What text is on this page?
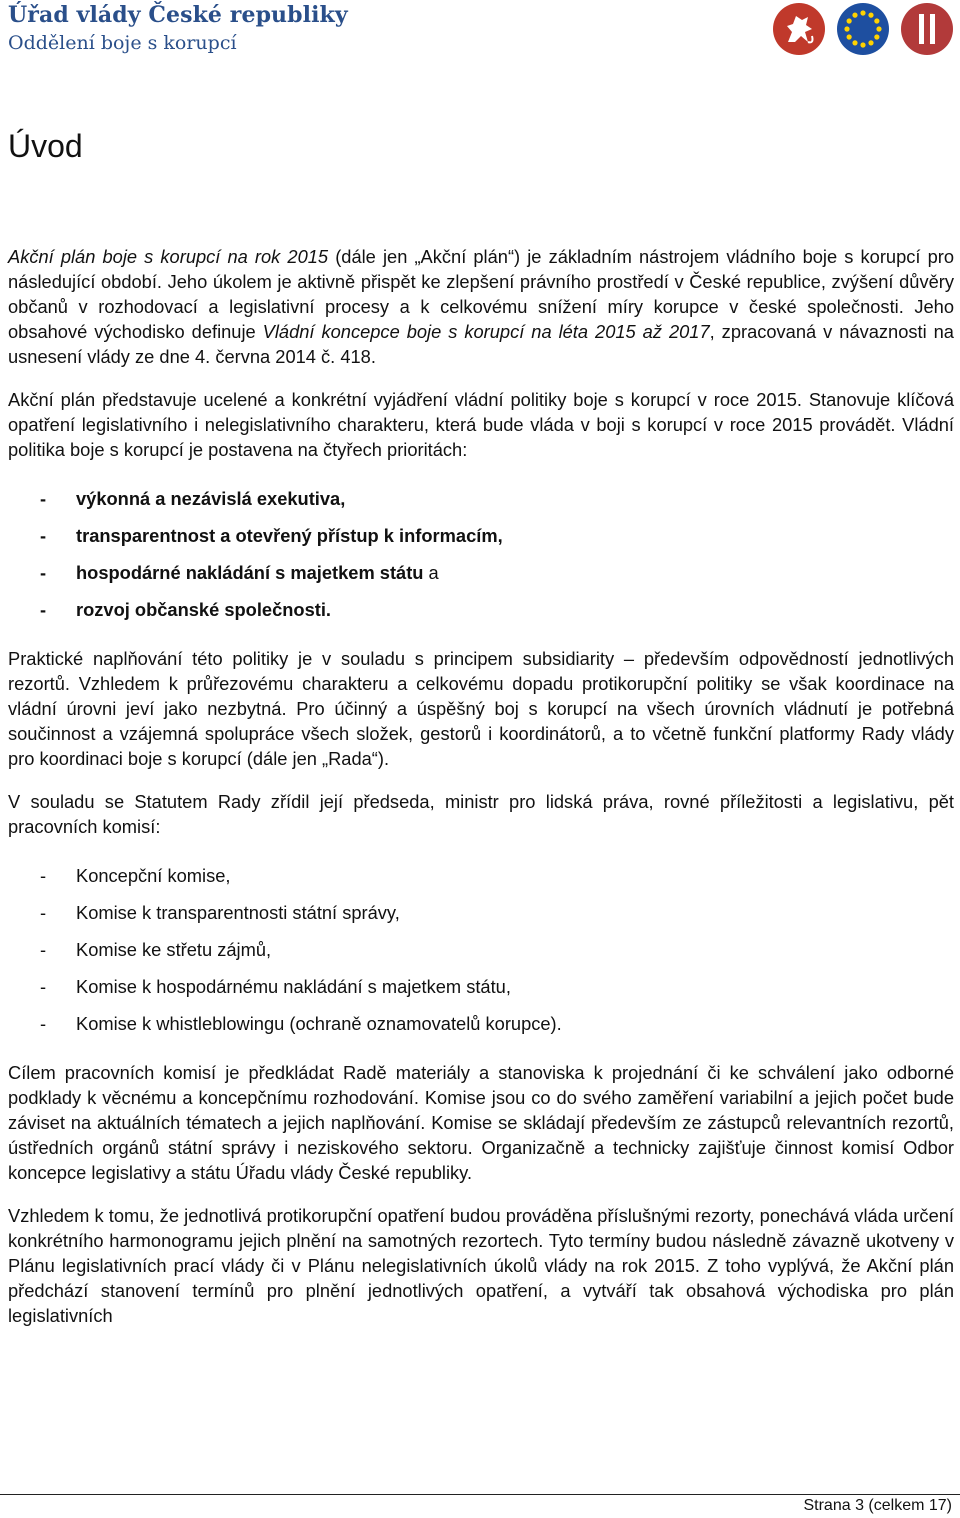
Úřad vlády České republiky
Oddělení boje s korupcí
Úvod

Akční plán boje s korupcí na rok 2015 (dále jen „Akční plán“) je základním nástrojem vládního boje s korupcí pro následující období. Jeho úkolem je aktivně přispět ke zlepšení právního prostředí v České republice, zvýšení důvěry občanů v rozhodovací a legislativní procesy a k celkovému snížení míry korupce v české společnosti. Jeho obsahové východisko definuje Vládní koncepce boje s korupcí na léta 2015 až 2017, zpracovaná v návaznosti na usnesení vlády ze dne 4. června 2014 č. 418.

Akční plán představuje ucelené a konkrétní vyjádření vládní politiky boje s korupcí v roce 2015. Stanovuje klíčová opatření legislativního i nelegislativního charakteru, která bude vláda v boji s korupcí v roce 2015 provádět. Vládní politika boje s korupcí je postavena na čtyřech prioritách:

- výkonná a nezávislá exekutiva,
- transparentnost a otevřený přístup k informacím,
- hospodárné nakládání s majetkem státu a
- rozvoj občanské společnosti.

Praktické naplňování této politiky je v souladu s principem subsidiarity – především odpovědností jednotlivých rezortů. Vzhledem k průřezovému charakteru a celkovému dopadu protikorupční politiky se však koordinace na vládní úrovni jeví jako nezbytná. Pro účinný a úspěšný boj s korupcí na všech úrovních vládnutí je potřebná součinnost a vzájemná spolupráce všech složek, gestorů i koordinátorů, a to včetně funkční platformy Rady vlády pro koordinaci boje s korupcí (dále jen „Rada“).

V souladu se Statutem Rady zřídil její předseda, ministr pro lidská práva, rovné příležitosti a legislativu, pět pracovních komisí:

- Koncepční komise,
- Komise k transparentnosti státní správy,
- Komise ke střetu zájmů,
- Komise k hospodárnému nakládání s majetkem státu,
- Komise k whistleblowingu (ochraně oznamovatelů korupce).

Cílem pracovních komisí je předkládat Radě materiály a stanoviska k projednání či ke schválení jako odborné podklady k věcnému a koncepčnímu rozhodování. Komise jsou co do svého zaměření variabilní a jejich počet bude záviset na aktuálních tématech a jejich naplňování. Komise se skládají především ze zástupců relevantních rezortů, ústředních orgánů státní správy i neziskového sektoru. Organizačně a technicky zajišťuje činnost komisí Odbor koncepce legislativy a státu Úřadu vlády České republiky.

Vzhledem k tomu, že jednotlivá protikorupční opatření budou prováděna příslušnými rezorty, ponechává vláda určení konkrétního harmonogramu jejich plnění na samotných rezortech. Tyto termíny budou následně závazně ukotveny v Plánu legislativních prací vlády či v Plánu nelegislativních úkolů vlády na rok 2015. Z toho vyplývá, že Akční plán předchází stanovení termínů pro plnění jednotlivých opatření, a vytváří tak obsahová východiska pro plán legislativních

Strana 3 (celkem 17)
